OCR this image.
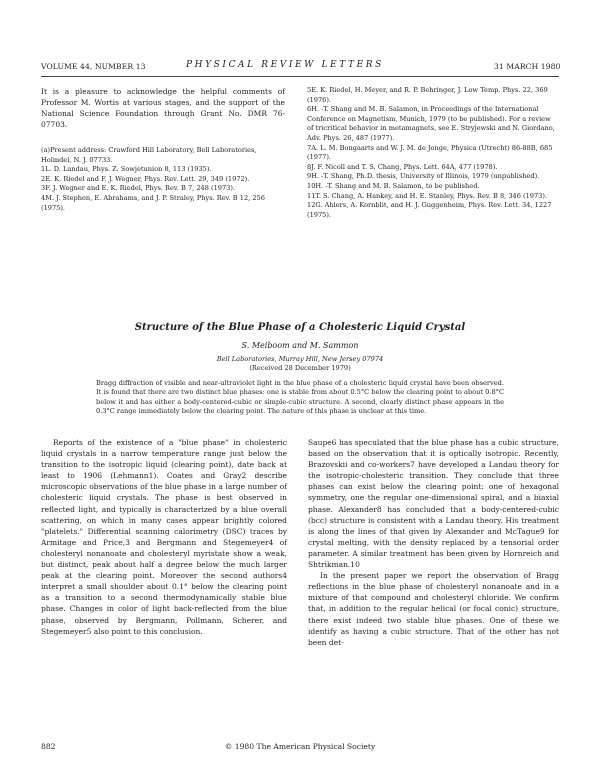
VOLUME 44, NUMBER 13	PHYSICAL REVIEW LETTERS	31 MARCH 1980
It is a pleasure to acknowledge the helpful comments of Professor M. Wortis at various stages, and the support of the National Science Foundation through Grant No. DMR 76-07703.
(a)Present address: Crawford Hill Laboratory, Bell Laboratories, Holmdel, N. J. 07733.
1L. D. Landau, Phys. Z. Sowjetunion 8, 113 (1935).
2E. K. Riedel and F. J. Wegner, Phys. Rev. Lett. 29, 349 (1972).
3F. J. Wegner and E. K. Riedel, Phys. Rev. B 7, 248 (1973).
4M. J. Stephen, E. Abrahams, and J. P. Straley, Phys. Rev. B 12, 256 (1975).
5E. K. Riedel, H. Meyer, and R. P. Behringer, J. Low Temp. Phys. 22, 369 (1976).
6H. -T. Shang and M. B. Salamon, in Proceedings of the International Conference on Magnetism, Munich, 1979 (to be published). For a review of tricritical behavior in metamagnets, see E. Stryjewski and N. Giordano, Adv. Phys. 26, 487 (1977).
7A. L. M. Bongaarts and W. J. M. de Jonge, Physica (Utrecht) 86-88B, 685 (1977).
8J. F. Nicoll and T. S. Chang, Phys. Lett. 64A, 477 (1978).
9H. -T. Shang, Ph.D. thesis, University of Illinois, 1979 (unpublished).
10H. -T. Shang and M. B. Salamon, to be published.
11T. S. Chang, A. Hankey, and H. E. Stanley, Phys. Rev. B 8, 346 (1973).
12G. Ahlers, A. Kornblit, and H. J. Guggenheim, Phys. Rev. Lett. 34, 1227 (1975).
Structure of the Blue Phase of a Cholesteric Liquid Crystal
S. Meiboom and M. Sammon
Bell Laboratories, Murray Hill, New Jersey 07974
(Received 28 December 1979)
Bragg diffraction of visible and near-ultraviolet light in the blue phase of a cholesteric liquid crystal have been observed. It is found that there are two distinct blue phases: one is stable from about 0.5°C below the clearing point to about 0.8°C below it and has either a body-centered-cubic or simple-cubic structure. A second, clearly distinct phase appears in the 0.3°C range immediately below the clearing point. The nature of this phase is unclear at this time.
Reports of the existence of a "blue phase" in cholesteric liquid crystals in a narrow temperature range just below the transition to the isotropic liquid (clearing point), date back at least to 1906 (Lehmann1). Coates and Gray2 describe microscopic observations of the blue phase in a large number of cholesteric liquid crystals. The phase is best observed in reflected light, and typically is characterized by a blue overall scattering, on which in many cases appear brightly colored "platelets." Differential scanning calorimetry (DSC) traces by Armitage and Price,3 and Bergmann and Stegemeyer4 of cholesteryl nonanoate and cholesteryl myristate show a weak, but distinct, peak about half a degree below the much larger peak at the clearing point. Moreover the second authors4 interpret a small shoulder about 0.1° below the clearing point as a transition to a second thermodynamically stable blue phase. Changes in color of light back-reflected from the blue phase, observed by Bergmann, Pollmann, Scherer, and Stegemeyer5 also point to this conclusion.

Saupe6 has speculated that the blue phase has a cubic structure, based on the observation that it is optically isotropic. Recently, Brazovskii and co-workers7 have developed a Landau theory for the isotropic-cholesteric transition. They conclude that three phases can exist below the clearing point: one of hexagonal symmetry, one the regular one-dimensional spiral, and a biaxial phase. Alexander8 has concluded that a body-centered-cubic (bcc) structure is consistent with a Landau theory. His treatment is along the lines of that given by Alexander and McTague9 for crystal melting, with the density replaced by a tensorial order parameter. A similar treatment has been given by Hornreich and Shtrikman.10

In the present paper we report the observation of Bragg reflections in the blue phase of cholesteryl nonanoate and in a mixture of that compound and cholesteryl chloride. We confirm that, in addition to the regular helical (or focal conic) structure, there exist indeed two stable blue phases. One of these we identify as having a cubic structure. That of the other has not been det-

882	© 1980 The American Physical Society
